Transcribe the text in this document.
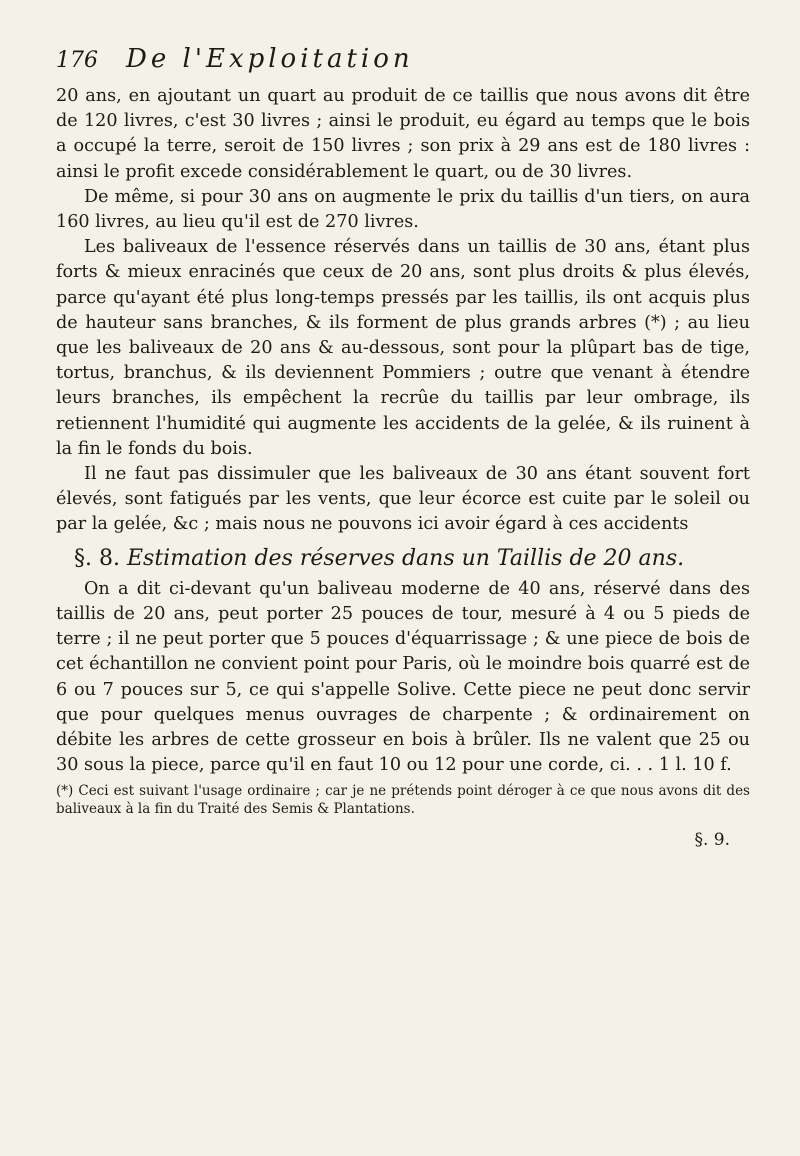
176	De l'Exploitation

20 ans, en ajoutant un quart au produit de ce taillis que nous avons dit être de 120 livres, c'est 30 livres ; ainsi le produit, eu égard au temps que le bois a occupé la terre, seroit de 150 livres ; son prix à 29 ans est de 180 livres : ainsi le profit excede considérablement le quart, ou de 30 livres.

De même, si pour 30 ans on augmente le prix du taillis d'un tiers, on aura 160 livres, au lieu qu'il est de 270 livres.

Les baliveaux de l'essence réservés dans un taillis de 30 ans, étant plus forts & mieux enracinés que ceux de 20 ans, sont plus droits & plus élevés, parce qu'ayant été plus long-temps pressés par les taillis, ils ont acquis plus de hauteur sans branches, & ils forment de plus grands arbres (*) ; au lieu que les baliveaux de 20 ans & au-dessous, sont pour la plûpart bas de tige, tortus, branchus, & ils deviennent Pommiers ; outre que venant à étendre leurs branches, ils empêchent la recrûe du taillis par leur ombrage, ils retiennent l'humidité qui augmente les accidents de la gelée, & ils ruinent à la fin le fonds du bois.

Il ne faut pas dissimuler que les baliveaux de 30 ans étant souvent fort élevés, sont fatigués par les vents, que leur écorce est cuite par le soleil ou par la gelée, &c ; mais nous ne pouvons ici avoir égard à ces accidents

§. 8. Estimation des réserves dans un Taillis de 20 ans.

On a dit ci-devant qu'un baliveau moderne de 40 ans, réservé dans des taillis de 20 ans, peut porter 25 pouces de tour, mesuré à 4 ou 5 pieds de terre ; il ne peut porter que 5 pouces d'équarrissage ; & une piece de bois de cet échantillon ne convient point pour Paris, où le moindre bois quarré est de 6 ou 7 pouces sur 5, ce qui s'appelle Solive. Cette piece ne peut donc servir que pour quelques menus ouvrages de charpente ; & ordinairement on débite les arbres de cette grosseur en bois à brûler. Ils ne valent que 25 ou 30 sous la piece, parce qu'il en faut 10 ou 12 pour une corde, ci. . . 1 l. 10 f.

(*) Ceci est suivant l'usage ordinaire ; car je ne prétends point déroger à ce que nous avons dit des baliveaux à la fin du Traité des Semis & Plantations.
§. 9.
